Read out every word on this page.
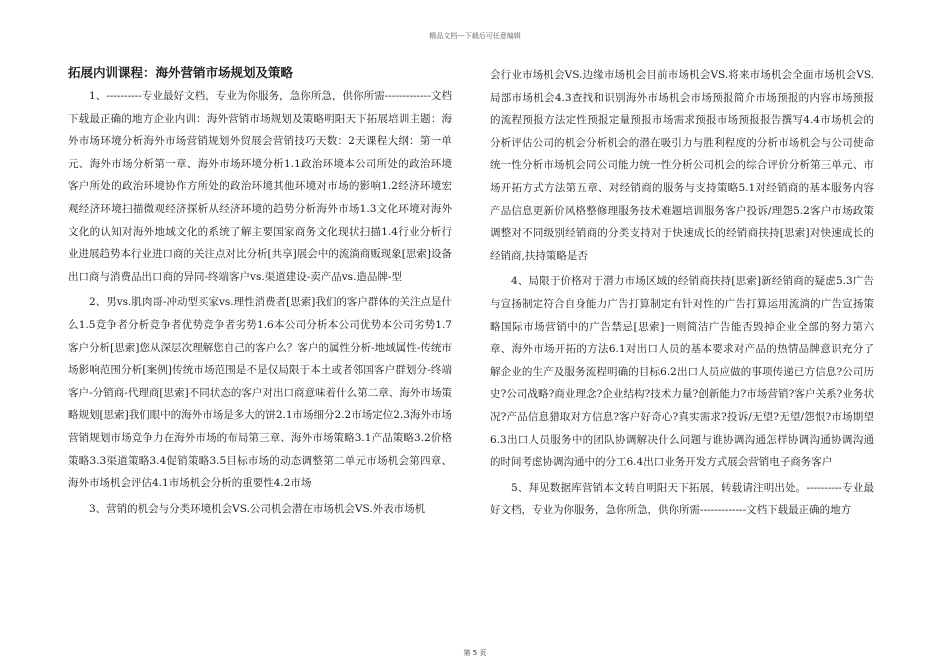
精品文档---下载后可任意编辑
拓展内训课程：海外营销市场规划及策略

1、----------专业最好文档，专业为你服务，急你所急，供你所需-------------文档下载最正确的地方企业内训：海外营销市场规划及策略明阳天下拓展培训主题：海外市场环境分析海外市场营销规划外贸展会营销技巧天数：2天课程大纲：第一单元、海外市场分析第一章、海外市场环境分析1.1政治环境本公司所处的政治环境客户所处的政治环境协作方所处的政治环境其他环境对市场的影响1.2经济环境宏观经济环境扫描微观经济探析从经济环境的趋势分析海外市场1.3文化环境对海外文化的认知对海外地域文化的系统了解主要国家商务文化现状扫描1.4行业分析行业进展趋势本行业进口商的关注点对比分析[共享]展会中的流淌商贩现象[思索]设备出口商与消费品出口商的异同-终端客户vs.渠道建设-卖产品vs.造品牌-型

2、男vs.肌肉哥-冲动型买家vs.理性消费者[思索]我们的客户群体的关注点是什么1.5竞争者分析竞争者优势竞争者劣势1.6本公司分析本公司优势本公司劣势1.7客户分析[思索]您从深层次理解您自己的客户么？客户的属性分析-地域属性-传统市场影响范围分析[案例]传统市场范围是不是仅局限于本土或者邻国客户群划分-终端客户-分销商-代理商[思索]不同状态的客户对出口商意味着什么第二章、海外市场策略规划[思索]我们眼中的海外市场是多大的饼2.1市场细分2.2市场定位2.3海外市场营销规划市场竞争力在海外市场的布局第三章、海外市场策略3.1产品策略3.2价格策略3.3渠道策略3.4促销策略3.5目标市场的动态调整第二单元市场机会第四章、海外市场机会评估4.1市场机会分析的重要性4.2市场

3、营销的机会与分类环境机会VS.公司机会潜在市场机会VS.外表市场机

会行业市场机会VS.边缘市场机会目前市场机会VS.将来市场机会全面市场机会VS.局部市场机会4.3查找和识别海外市场机会市场预报简介市场预报的内容市场预报的流程预报方法定性预报定量预报市场需求预报市场预报报告撰写4.4市场机会的分析评估公司的机会分析机会的潜在吸引力与胜利程度的分析市场机会与公司使命统一性分析市场机会同公司能力统一性分析公司机会的综合评价分析第三单元、市场开拓方式方法第五章、对经销商的服务与支持策略5.1对经销商的基本服务内容产品信息更新价风格整修理服务技术难题培训服务客户投诉/理怨5.2客户市场政策调整对不同级别经销商的分类支持对于快速成长的经销商扶持[思索]对快速成长的经销商,扶持策略是否

4、局限于价格对于潜力市场区域的经销商扶持[思索]新经销商的疑虑5.3广告与宣扬制定符合自身能力广告打算制定有针对性的广告打算运用流淌的广告宣扬策略国际市场营销中的广告禁忌[思索]一则简洁广告能否毁掉企业全部的努力第六章、海外市场开拓的方法6.1对出口人员的基本要求对产品的热情品牌意识充分了解企业的生产及服务流程明确的目标6.2出口人员应做的事项传递已方信息?公司历史?公司战略?商业理念?企业结构?技术力量?创新能力?市场营销?客户关系?业务状况?产品信息猎取对方信息?客户好奇心?真实需求?投诉/无望?无望/怨恨?市场期望6.3出口人员服务中的团队协调解决什么问题与谁协调沟通怎样协调沟通协调沟通的时间考虑协调沟通中的分工6.4出口业务开发方式展会营销电子商务客户

5、拜见数据库营销本文转自明阳天下拓展，转载请注明出处。----------专业最好文档，专业为你服务，急你所急，供你所需-------------文档下载最正确的地方

第 5 页
